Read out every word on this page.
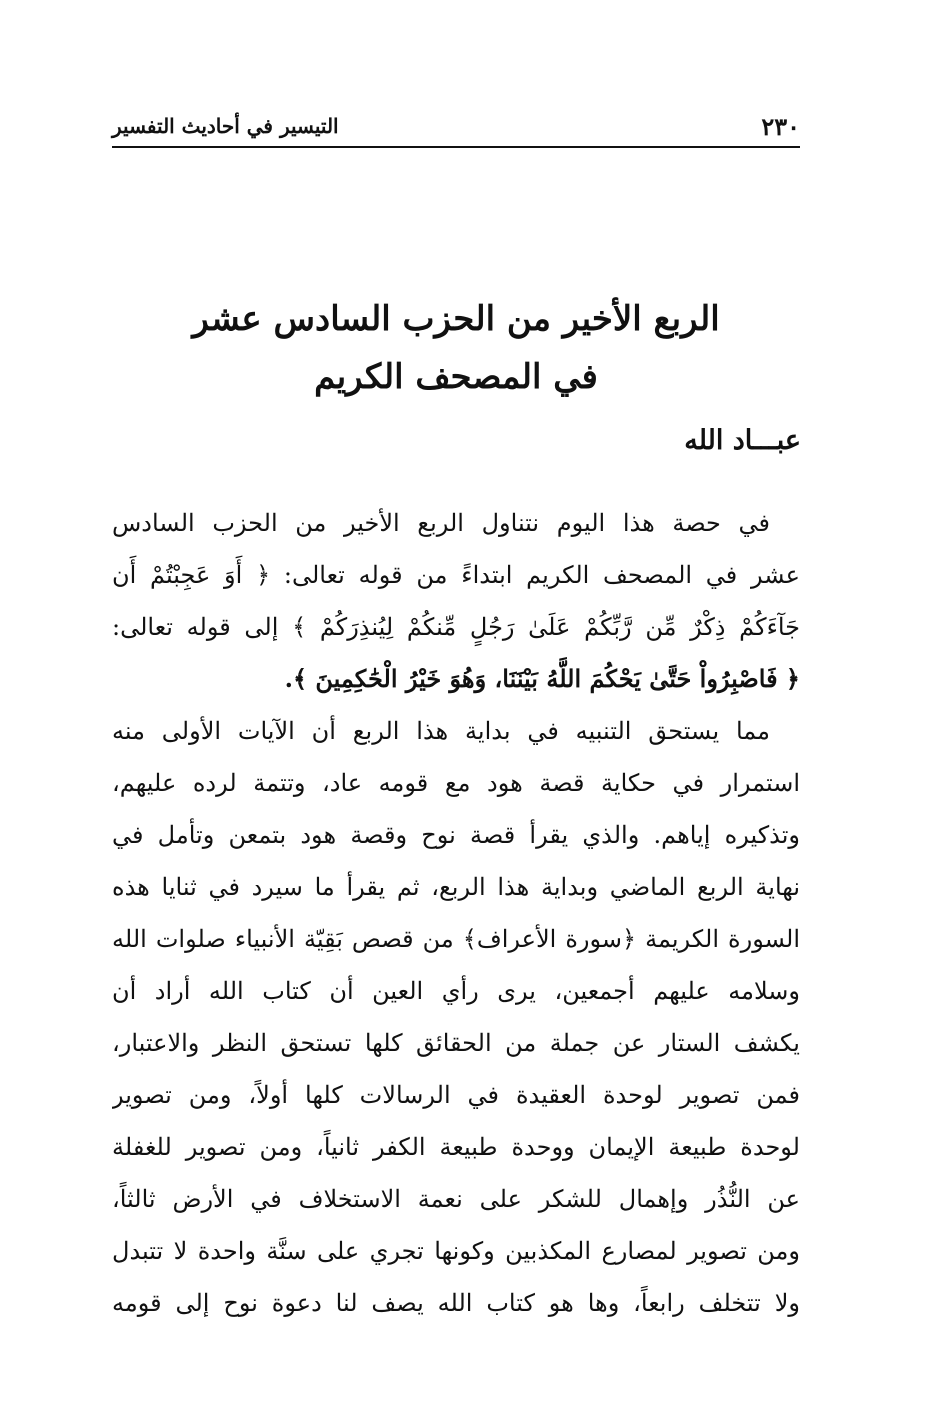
٢٣٠
التيسير في أحاديث التفسير
الربع الأخير من الحزب السادس عشر
في المصحف الكريم
عبـــاد الله
في حصة هذا اليوم نتناول الربع الأخير من الحزب السادس
عشر في المصحف الكريم ابتداءً من قوله تعالى: ﴿ أَوَ عَجِبْتُمْ أَن
جَآءَكُمْ ذِكْرٌ مِّن رَّبِّكُمْ عَلَىٰ رَجُلٍ مِّنكُمْ لِيُنذِرَكُمْ ﴾ إلى قوله تعالى:
﴿ فَاصْبِرُواْ حَتَّىٰ يَحْكُمَ اللَّهُ بَيْنَنَا، وَهُوَ خَيْرُ الْحَٰكِمِينَ ﴾.
مما يستحق التنبيه في بداية هذا الربع أن الآيات الأولى منه
استمرار في حكاية قصة هود مع قومه عاد، وتتمة لرده عليهم،
وتذكيره إياهم. والذي يقرأ قصة نوح وقصة هود بتمعن وتأمل في
نهاية الربع الماضي وبداية هذا الربع، ثم يقرأ ما سيرد في ثنايا هذه
السورة الكريمة ﴿سورة الأعراف﴾ من قصص بَقِيّة الأنبياء صلوات الله
وسلامه عليهم أجمعين، يرى رأي العين أن كتاب الله أراد أن
يكشف الستار عن جملة من الحقائق كلها تستحق النظر والاعتبار،
فمن تصوير لوحدة العقيدة في الرسالات كلها أولاً، ومن تصوير
لوحدة طبيعة الإيمان ووحدة طبيعة الكفر ثانياً، ومن تصوير للغفلة
عن النُّذُر وإهمال للشكر على نعمة الاستخلاف في الأرض ثالثاً،
ومن تصوير لمصارع المكذبين وكونها تجري على سنَّة واحدة لا تتبدل
ولا تتخلف رابعاً، وها هو كتاب الله يصف لنا دعوة نوح إلى قومه
